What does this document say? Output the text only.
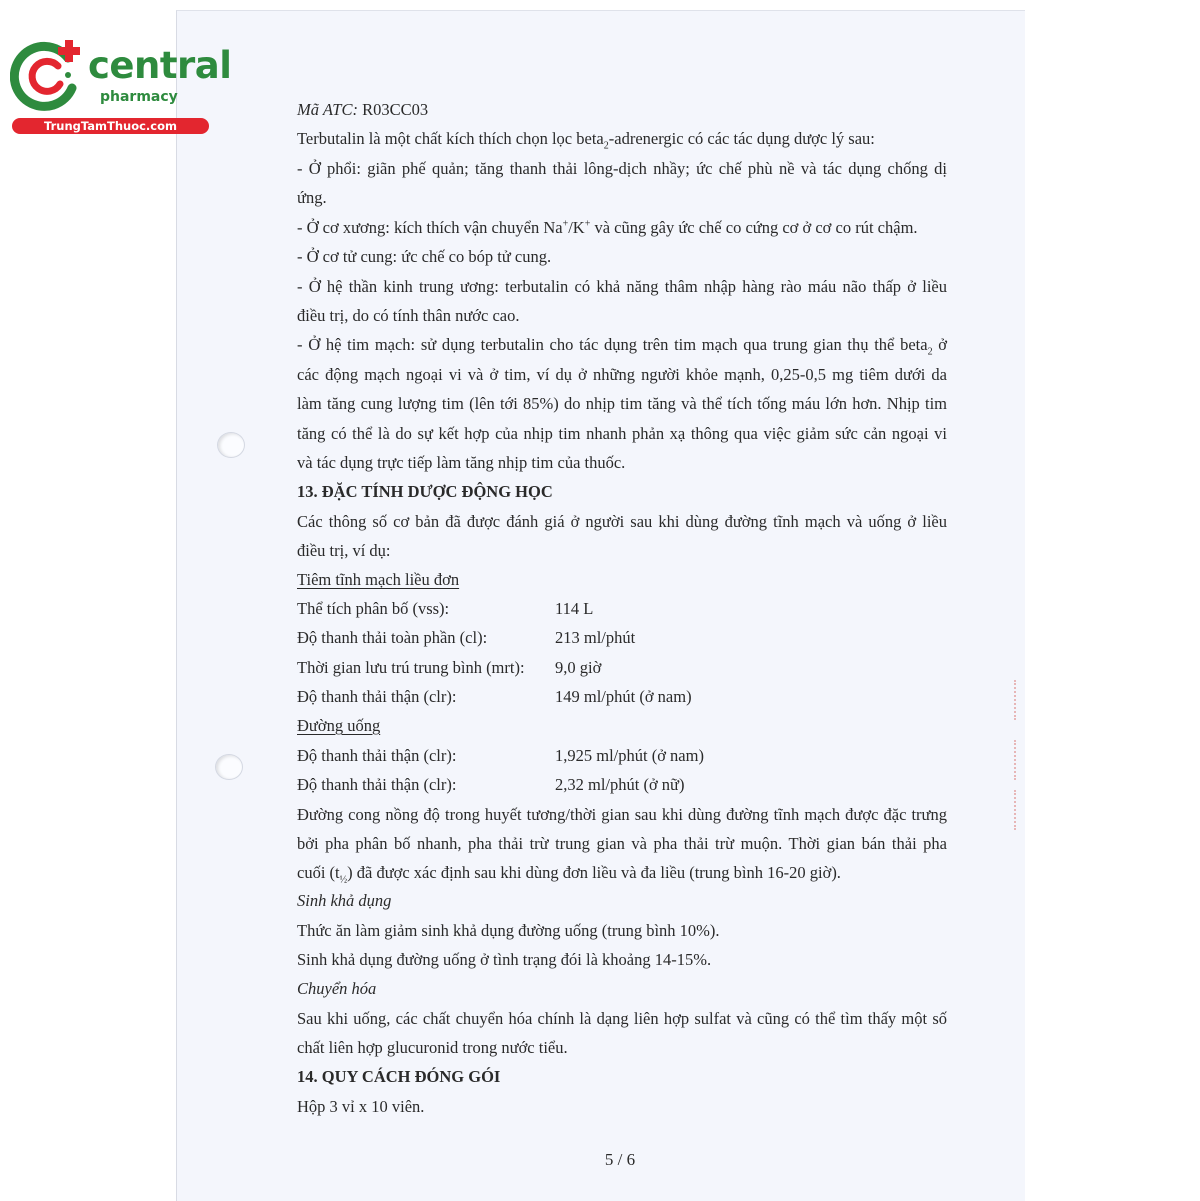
central
pharmacy
TrungTamThuoc.com
Mã ATC: R03CC03
Terbutalin là một chất kích thích chọn lọc beta$_2$-adrenergic có các tác dụng dược lý sau:
- Ở phổi: giãn phế quản; tăng thanh thải lông-dịch nhầy; ức chế phù nề và tác dụng chống dị
ứng.
- Ở cơ xương: kích thích vận chuyển Na+/K+ và cũng gây ức chế co cứng cơ ở cơ co rút chậm.
- Ở cơ tử cung: ức chế co bóp tử cung.
- Ở hệ thần kinh trung ương: terbutalin có khả năng thâm nhập hàng rào máu não thấp ở liều
điều trị, do có tính thân nước cao.
- Ở hệ tim mạch: sử dụng terbutalin cho tác dụng trên tim mạch qua trung gian thụ thể beta$_2$ ở
các động mạch ngoại vi và ở tim, ví dụ ở những người khỏe mạnh, 0,25-0,5 mg tiêm dưới da
làm tăng cung lượng tim (lên tới 85%) do nhịp tim tăng và thể tích tống máu lớn hơn. Nhịp tim
tăng có thể là do sự kết hợp của nhịp tim nhanh phản xạ thông qua việc giảm sức cản ngoại vi
và tác dụng trực tiếp làm tăng nhịp tim của thuốc.
13. ĐẶC TÍNH DƯỢC ĐỘNG HỌC
Các thông số cơ bản đã được đánh giá ở người sau khi dùng đường tĩnh mạch và uống ở liều
điều trị, ví dụ:
Tiêm tĩnh mạch liều đơn
Thể tích phân bố (vss):	114 L
Độ thanh thải toàn phần (cl):	213 ml/phút
Thời gian lưu trú trung bình (mrt): 9,0 giờ
Độ thanh thải thận (clr):	149 ml/phút (ở nam)
Đường uống
Độ thanh thải thận (clr):	1,925 ml/phút (ở nam)
Độ thanh thải thận (clr):	2,32 ml/phút (ở nữ)
Đường cong nồng độ trong huyết tương/thời gian sau khi dùng đường tĩnh mạch được đặc trưng
bởi pha phân bố nhanh, pha thải trừ trung gian và pha thải trừ muộn. Thời gian bán thải pha
cuối $(t_{\frac{1}{2}})$ đã được xác định sau khi dùng đơn liều và đa liều (trung bình 16-20 giờ).
Sinh khả dụng
Thức ăn làm giảm sinh khả dụng đường uống (trung bình 10%).
Sinh khả dụng đường uống ở tình trạng đói là khoảng 14-15%.
Chuyển hóa
Sau khi uống, các chất chuyển hóa chính là dạng liên hợp sulfat và cũng có thể tìm thấy một số
chất liên hợp glucuronid trong nước tiểu.
14. QUY CÁCH ĐÓNG GÓI
Hộp 3 vỉ x 10 viên.
5 / 6
